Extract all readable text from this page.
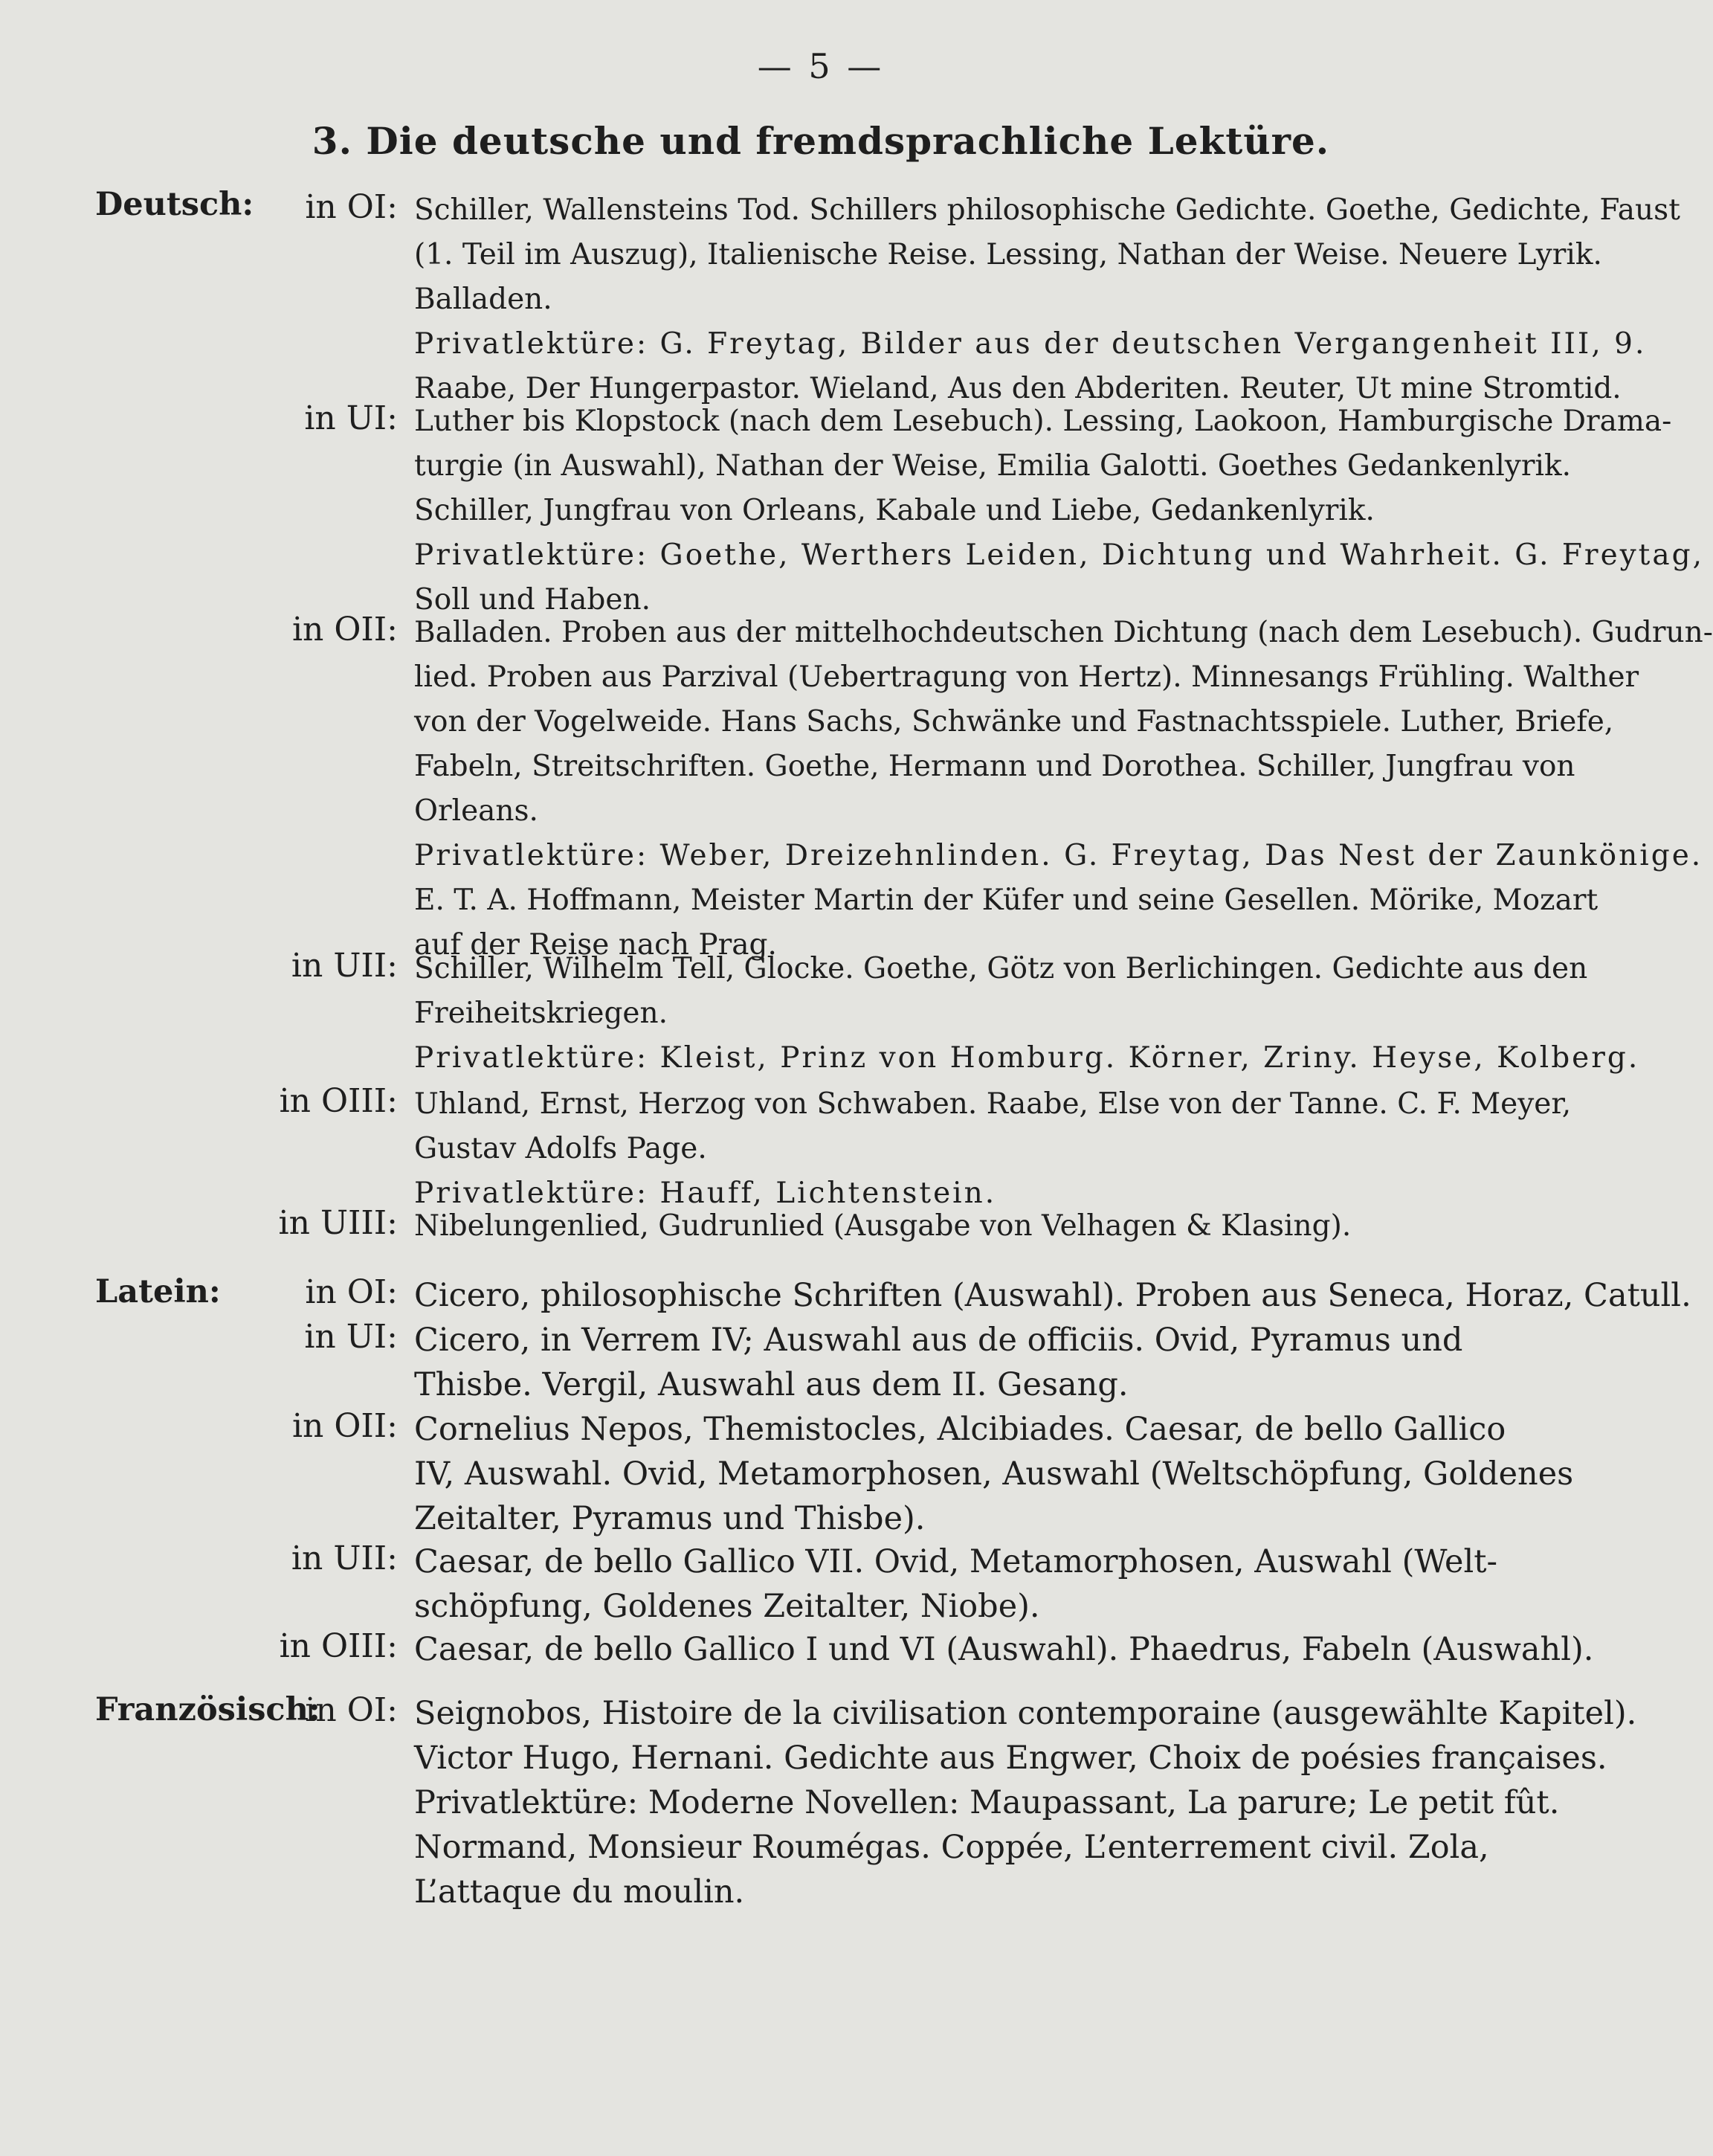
— 5 —
3. Die deutsche und fremdsprachliche Lektüre.
Deutsch:	in OI: Schiller, Wallensteins Tod. Schillers philosophische Gedichte. Goethe, Gedichte, Faust
(1. Teil im Auszug), Italienische Reise. Lessing, Nathan der Weise. Neuere Lyrik.
Balladen.
Privatlektüre: G. Freytag, Bilder aus der deutschen Vergangenheit III, 9.
Raabe, Der Hungerpastor. Wieland, Aus den Abderiten. Reuter, Ut mine Stromtid.
in UI: Luther bis Klopstock (nach dem Lesebuch). Lessing, Laokoon, Hamburgische Drama-
turgie (in Auswahl), Nathan der Weise, Emilia Galotti. Goethes Gedankenlyrik.
Schiller, Jungfrau von Orleans, Kabale und Liebe, Gedankenlyrik.
Privatlektüre: Goethe, Werthers Leiden, Dichtung und Wahrheit. G. Freytag,
Soll und Haben.
in OII: Balladen. Proben aus der mittelhochdeutschen Dichtung (nach dem Lesebuch). Gudrun-
lied. Proben aus Parzival (Uebertragung von Hertz). Minnesangs Frühling. Walther
von der Vogelweide. Hans Sachs, Schwänke und Fastnachtsspiele. Luther, Briefe,
Fabeln, Streitschriften. Goethe, Hermann und Dorothea. Schiller, Jungfrau von
Orleans.
Privatlektüre: Weber, Dreizehnlinden. G. Freytag, Das Nest der Zaunkönige.
E. T. A. Hoffmann, Meister Martin der Küfer und seine Gesellen. Mörike, Mozart
auf der Reise nach Prag.
in UII: Schiller, Wilhelm Tell, Glocke. Goethe, Götz von Berlichingen. Gedichte aus den
Freiheitskriegen.
Privatlektüre: Kleist, Prinz von Homburg. Körner, Zriny. Heyse, Kolberg.
in OIII: Uhland, Ernst, Herzog von Schwaben. Raabe, Else von der Tanne. C. F. Meyer,
Gustav Adolfs Page.
Privatlektüre: Hauff, Lichtenstein.
in UIII: Nibelungenlied, Gudrunlied (Ausgabe von Velhagen & Klasing).
Latein:	in OI: Cicero, philosophische Schriften (Auswahl). Proben aus Seneca, Horaz, Catull.
in UI: Cicero, in Verrem IV; Auswahl aus de officiis. Ovid, Pyramus und
Thisbe. Vergil, Auswahl aus dem II. Gesang.
in OII: Cornelius Nepos, Themistocles, Alcibiades. Caesar, de bello Gallico
IV, Auswahl. Ovid, Metamorphosen, Auswahl (Weltschöpfung, Goldenes
Zeitalter, Pyramus und Thisbe).
in UII: Caesar, de bello Gallico VII. Ovid, Metamorphosen, Auswahl (Welt-
schöpfung, Goldenes Zeitalter, Niobe).
in OIII: Caesar, de bello Gallico I und VI (Auswahl). Phaedrus, Fabeln (Auswahl).
Französisch:
in OI: Seignobos, Histoire de la civilisation contemporaine (ausgewählte Kapitel).
Victor Hugo, Hernani. Gedichte aus Engwer, Choix de poésies françaises.
Privatlektüre: Moderne Novellen: Maupassant, La parure; Le petit fût.
Normand, Monsieur Roumégas. Coppée, L’enterrement civil. Zola,
L’attaque du moulin.
